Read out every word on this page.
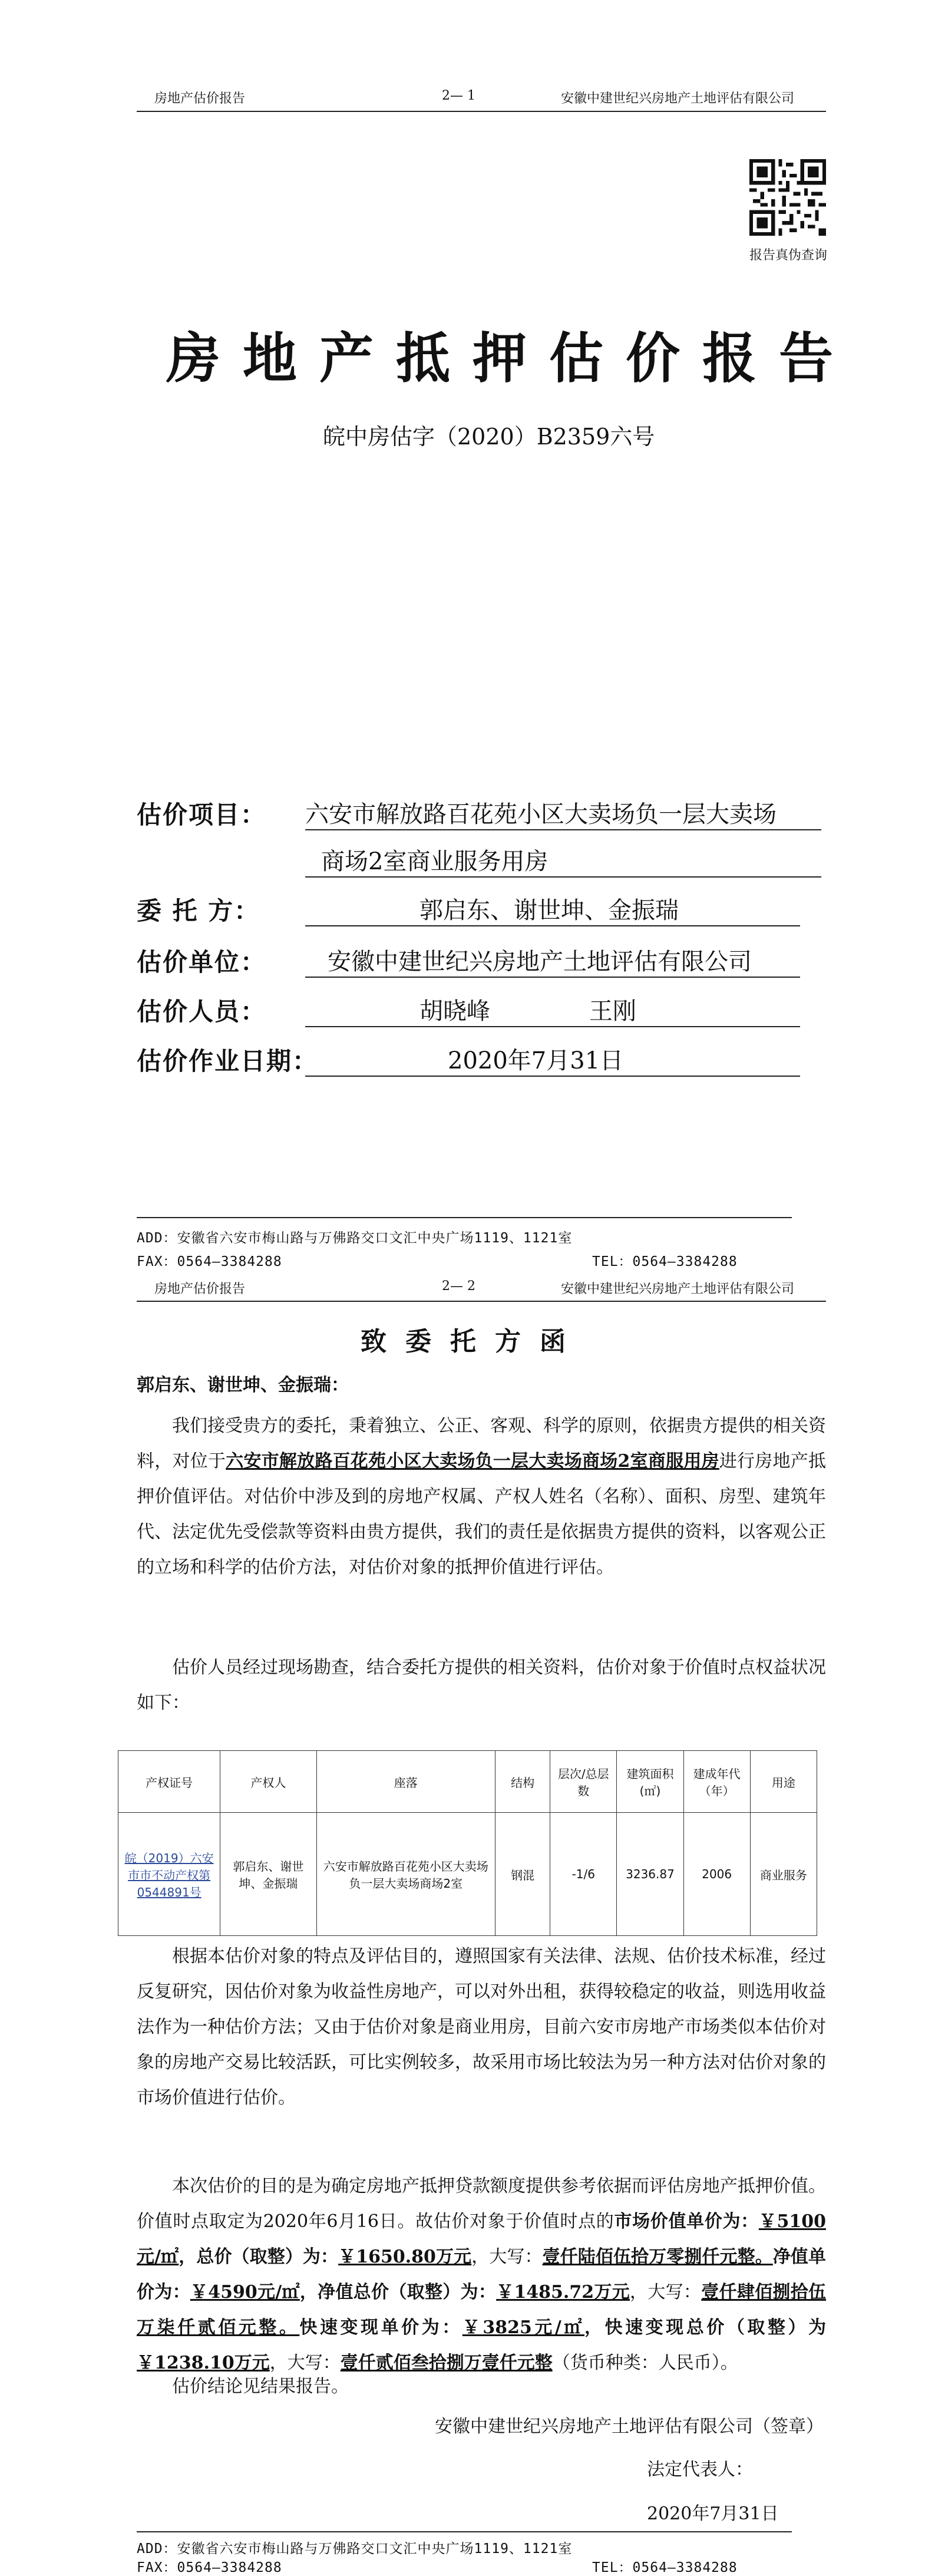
房地产估价报告	2— 1	安徽中建世纪兴房地产土地评估有限公司
报告真伪查询
房地产抵押估价报告
皖中房估字（2020）B2359六号
估价项目： 六安市解放路百花苑小区大卖场负一层大卖场
商场2室商业服务用房
委 托 方：	郭启东、谢世坤、金振瑞
估价单位：	安徽中建世纪兴房地产土地评估有限公司
估价人员：	胡晓峰	王刚
估价作业日期：	2020年7月31日
ADD：安徽省六安市梅山路与万佛路交口文汇中央广场1119、1121室
FAX：0564—3384288	TEL：0564—3384288
房地产估价报告	2— 2	安徽中建世纪兴房地产土地评估有限公司
致委托方函
郭启东、谢世坤、金振瑞：
我们接受贵方的委托，秉着独立、公正、客观、科学的原则，依据贵方提供的相关资料，对位于六安市解放路百花苑小区大卖场负一层大卖场商场2室商服用房进行房地产抵押价值评估。对估价中涉及到的房地产权属、产权人姓名（名称）、面积、房型、建筑年代、法定优先受偿款等资料由贵方提供，我们的责任是依据贵方提供的资料，以客观公正的立场和科学的估价方法，对估价对象的抵押价值进行评估。
估价人员经过现场勘查，结合委托方提供的相关资料，估价对象于价值时点权益状况如下：
产权证号	产权人	座落	结构	层次/总层数	建筑面积(㎡)	建成年代（年）	用途
皖（2019）六安市市不动产权第0544891号	郭启东、谢世坤、金振瑞	六安市解放路百花苑小区大卖场负一层大卖场商场2室	钢混	-1/6	3236.87	2006	商业服务
根据本估价对象的特点及评估目的，遵照国家有关法律、法规、估价技术标准，经过反复研究，因估价对象为收益性房地产，可以对外出租，获得较稳定的收益，则选用收益法作为一种估价方法；又由于估价对象是商业用房，目前六安市房地产市场类似本估价对象的房地产交易比较活跃，可比实例较多，故采用市场比较法为另一种方法对估价对象的市场价值进行估价。
本次估价的目的是为确定房地产抵押贷款额度提供参考依据而评估房地产抵押价值。价值时点取定为2020年6月16日。故估价对象于价值时点的市场价值单价为：￥5100元/㎡，总价（取整）为：￥1650.80万元，大写：壹仟陆佰伍拾万零捌仟元整。净值单价为：￥4590元/㎡，净值总价（取整）为：￥1485.72万元，大写：壹仟肆佰捌拾伍万柒仟贰佰元整。快速变现单价为：￥3825元/㎡，快速变现总价（取整）为￥1238.10万元，大写：壹仟贰佰叁拾捌万壹仟元整（货币种类：人民币）。
估价结论见结果报告。
安徽中建世纪兴房地产土地评估有限公司（签章）
法定代表人：
2020年7月31日
ADD：安徽省六安市梅山路与万佛路交口文汇中央广场1119、1121室
FAX：0564—3384288	TEL：0564—3384288
